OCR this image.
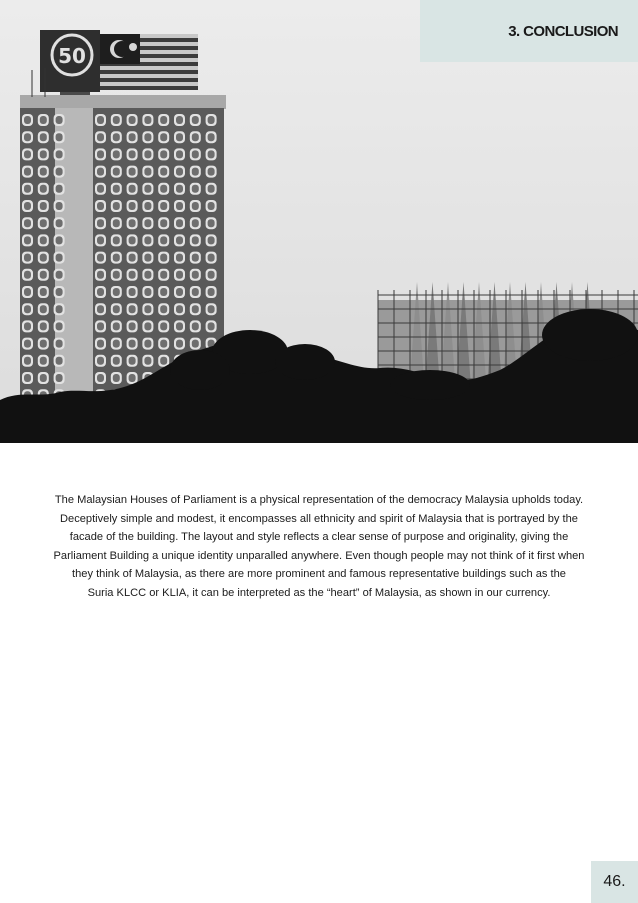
50
3. CONCLUSION
The Malaysian Houses of Parliament is a physical representation of the democracy Malaysia upholds today.
Deceptively simple and modest, it encompasses all ethnicity and spirit of Malaysia that is portrayed by the
facade of the building. The layout and style reflects a clear sense of purpose and originality, giving the
Parliament Building a unique identity unparalled anywhere. Even though people may not think of it first when
they think of Malaysia, as there are more prominent and famous representative buildings such as the
Suria KLCC or KLIA, it can be interpreted as the “heart” of Malaysia, as shown in our currency.
46.
